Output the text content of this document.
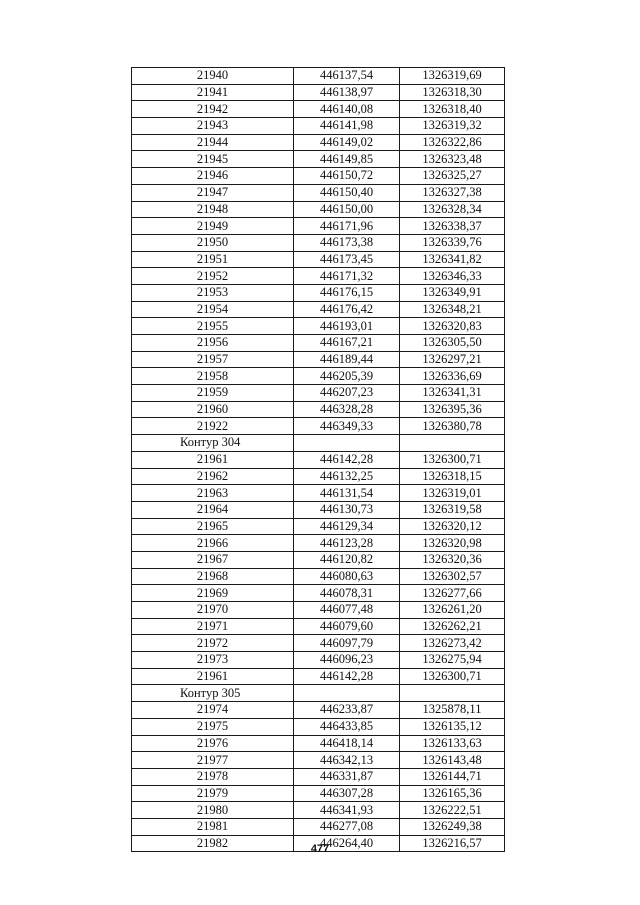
21940	446137,54	1326319,69
21941	446138,97	1326318,30
21942	446140,08	1326318,40
21943	446141,98	1326319,32
21944	446149,02	1326322,86
21945	446149,85	1326323,48
21946	446150,72	1326325,27
21947	446150,40	1326327,38
21948	446150,00	1326328,34
21949	446171,96	1326338,37
21950	446173,38	1326339,76
21951	446173,45	1326341,82
21952	446171,32	1326346,33
21953	446176,15	1326349,91
21954	446176,42	1326348,21
21955	446193,01	1326320,83
21956	446167,21	1326305,50
21957	446189,44	1326297,21
21958	446205,39	1326336,69
21959	446207,23	1326341,31
21960	446328,28	1326395,36
21922	446349,33	1326380,78
Контур 304		
21961	446142,28	1326300,71
21962	446132,25	1326318,15
21963	446131,54	1326319,01
21964	446130,73	1326319,58
21965	446129,34	1326320,12
21966	446123,28	1326320,98
21967	446120,82	1326320,36
21968	446080,63	1326302,57
21969	446078,31	1326277,66
21970	446077,48	1326261,20
21971	446079,60	1326262,21
21972	446097,79	1326273,42
21973	446096,23	1326275,94
21961	446142,28	1326300,71
Контур 305		
21974	446233,87	1325878,11
21975	446433,85	1326135,12
21976	446418,14	1326133,63
21977	446342,13	1326143,48
21978	446331,87	1326144,71
21979	446307,28	1326165,36
21980	446341,93	1326222,51
21981	446277,08	1326249,38
21982	446264,40	1326216,57
477
